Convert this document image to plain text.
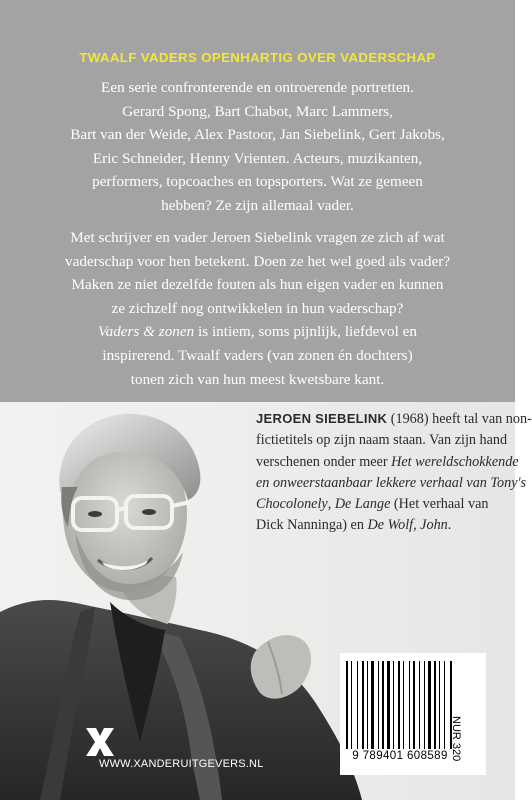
TWAALF VADERS OPENHARTIG OVER VADERSCHAP
Een serie confronterende en ontroerende portretten.
Gerard Spong, Bart Chabot, Marc Lammers,
Bart van der Weide, Alex Pastoor, Jan Siebelink, Gert Jakobs,
Eric Schneider, Henny Vrienten. Acteurs, muzikanten,
performers, topcoaches en topsporters. Wat ze gemeen
hebben? Ze zijn allemaal vader.
Met schrijver en vader Jeroen Siebelink vragen ze zich af wat
vaderschap voor hen betekent. Doen ze het wel goed als vader?
Maken ze niet dezelfde fouten als hun eigen vader en kunnen
ze zichzelf nog ontwikkelen in hun vaderschap?
Vaders & zonen is intiem, soms pijnlijk, liefdevol en
inspirerend. Twaalf vaders (van zonen én dochters)
tonen zich van hun meest kwetsbare kant.
JEROEN SIEBELINK (1968) heeft tal van non-
fictietitels op zijn naam staan. Van zijn hand
verschenen onder meer Het wereldschokkende
en onweerstaanbaar lekkere verhaal van Tony's
Chocolonely, De Lange (Het verhaal van
Dick Nanninga) en De Wolf, John.
NUR 320
9 789401 608589
WWW.XANDERUITGEVERS.NL
